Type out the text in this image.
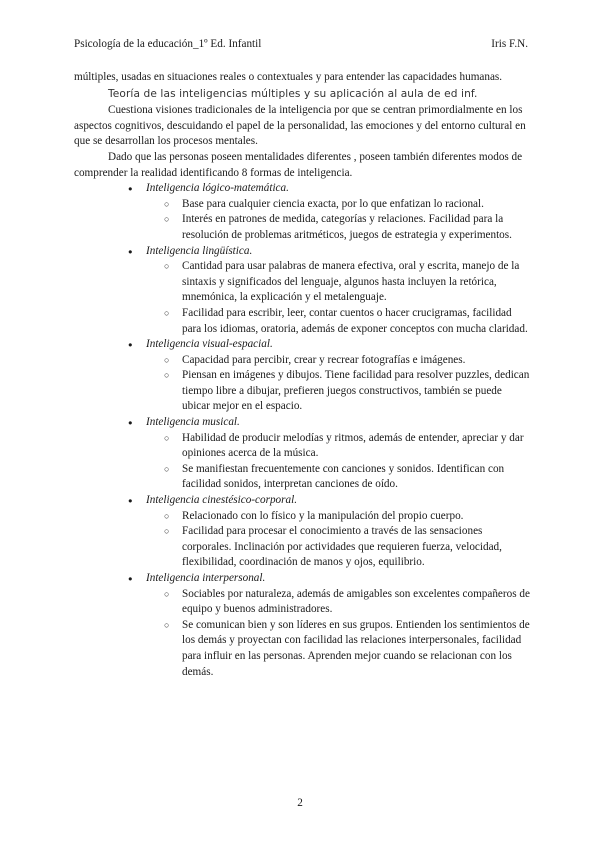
Psicología de la educación_1º Ed. Infantil	Iris F.N.

múltiples, usadas en situaciones reales o contextuales y para entender las capacidades humanas.

Teoría de las inteligencias múltiples y su aplicación al aula de ed inf.

Cuestiona visiones tradicionales de la inteligencia por que se centran primordialmente en los aspectos cognitivos, descuidando el papel de la personalidad, las emociones y del entorno cultural en que se desarrollan los procesos mentales.

Dado que las personas poseen mentalidades diferentes , poseen también diferentes modos de comprender la realidad identificando 8 formas de inteligencia.

● Inteligencia lógico-matemática.
○ Base para cualquier ciencia exacta, por lo que enfatizan lo racional.
○ Interés en patrones de medida, categorías y relaciones. Facilidad para la resolución de problemas aritméticos, juegos de estrategia y experimentos.
● Inteligencia lingüística.
○ Cantidad para usar palabras de manera efectiva, oral y escrita, manejo de la sintaxis y significados del lenguaje, algunos hasta incluyen la retórica, mnemónica, la explicación y el metalenguaje.
○ Facilidad para escribir, leer, contar cuentos o hacer crucigramas, facilidad para los idiomas, oratoria, además de exponer conceptos con mucha claridad.
● Inteligencia visual-espacial.
○ Capacidad para percibir, crear y recrear fotografías e imágenes.
○ Piensan en imágenes y dibujos. Tiene facilidad para resolver puzzles, dedican tiempo libre a dibujar, prefieren juegos constructivos, también se puede ubicar mejor en el espacio.
● Inteligencia musical.
○ Habilidad de producir melodías y ritmos, además de entender, apreciar y dar opiniones acerca de la música.
○ Se manifiestan frecuentemente con canciones y sonidos. Identifican con facilidad sonidos, interpretan canciones de oído.
● Inteligencia cinestésico-corporal.
○ Relacionado con lo físico y la manipulación del propio cuerpo.
○ Facilidad para procesar el conocimiento a través de las sensaciones corporales. Inclinación por actividades que requieren fuerza, velocidad, flexibilidad, coordinación de manos y ojos, equilibrio.
● Inteligencia interpersonal.
○ Sociables por naturaleza, además de amigables son excelentes compañeros de equipo y buenos administradores.
○ Se comunican bien y son líderes en sus grupos. Entienden los sentimientos de los demás y proyectan con facilidad las relaciones interpersonales, facilidad para influir en las personas. Aprenden mejor cuando se relacionan con los demás.
2
